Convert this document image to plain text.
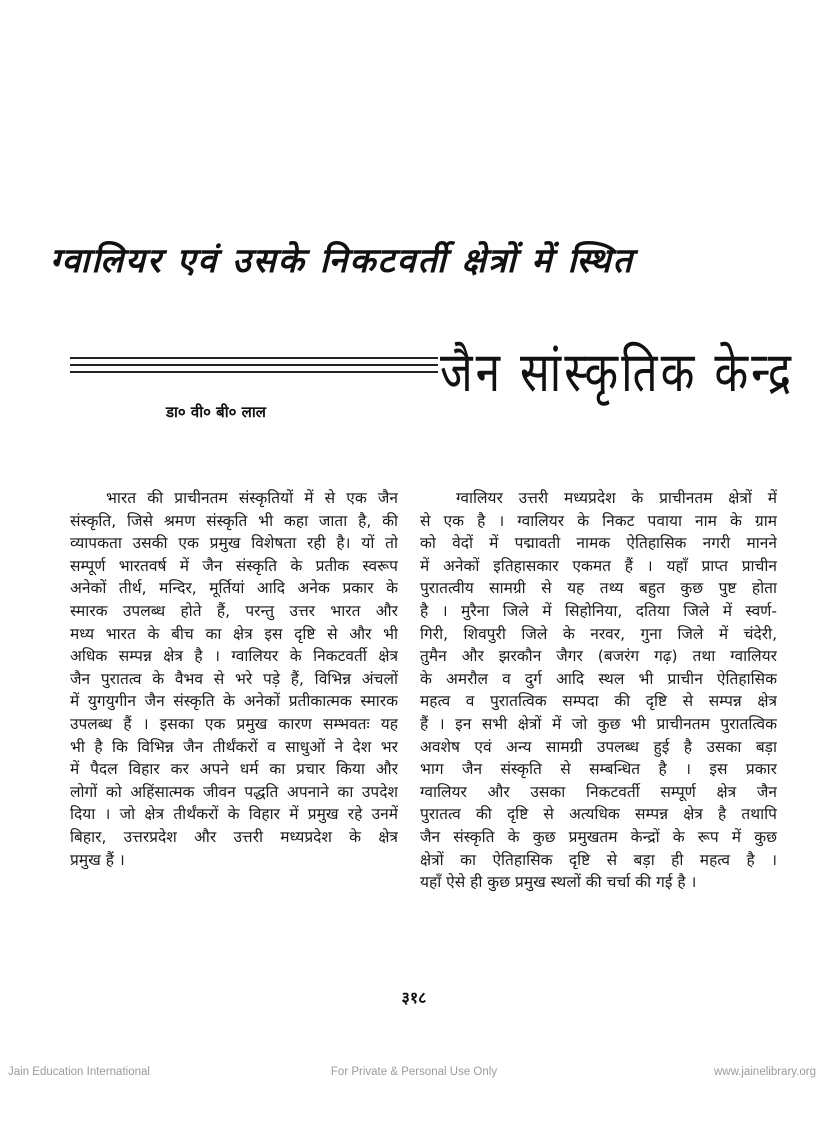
ग्वालियर एवं उसके निकटवर्ती क्षेत्रों में स्थित
जैन सांस्कृतिक केन्द्र
डा० वी० बी० लाल
भारत की प्राचीनतम संस्कृतियों में से एक जैन
संस्कृति, जिसे श्रमण संस्कृति भी कहा जाता है, की
व्यापकता उसकी एक प्रमुख विशेषता रही है। यों तो
सम्पूर्ण भारतवर्ष में जैन संस्कृति के प्रतीक स्वरूप
अनेकों तीर्थ, मन्दिर, मूर्तियां आदि अनेक प्रकार के
स्मारक उपलब्ध होते हैं, परन्तु उत्तर भारत और
मध्य भारत के बीच का क्षेत्र इस दृष्टि से और भी
अधिक सम्पन्न क्षेत्र है । ग्वालियर के निकटवर्ती क्षेत्र
जैन पुरातत्व के वैभव से भरे पड़े हैं, विभिन्न अंचलों
में युगयुगीन जैन संस्कृति के अनेकों प्रतीकात्मक स्मारक
उपलब्ध हैं । इसका एक प्रमुख कारण सम्भवतः यह
भी है कि विभिन्न जैन तीर्थंकरों व साधुओं ने देश भर
में पैदल विहार कर अपने धर्म का प्रचार किया और
लोगों को अहिंसात्मक जीवन पद्धति अपनाने का उपदेश
दिया । जो क्षेत्र तीर्थंकरों के विहार में प्रमुख रहे उनमें
बिहार, उत्तरप्रदेश और उत्तरी मध्यप्रदेश के क्षेत्र
प्रमुख हैं ।
ग्वालियर उत्तरी मध्यप्रदेश के प्राचीनतम क्षेत्रों में
से एक है । ग्वालियर के निकट पवाया नाम के ग्राम
को वेदों में पद्मावती नामक ऐतिहासिक नगरी मानने
में अनेकों इतिहासकार एकमत हैं । यहाँ प्राप्त प्राचीन
पुरातत्वीय सामग्री से यह तथ्य बहुत कुछ पुष्ट होता
है । मुरैना जिले में सिहोनिया, दतिया जिले में स्वर्ण-
गिरी, शिवपुरी जिले के नरवर, गुना जिले में चंदेरी,
तुमैन और झरकौन जैगर (बजरंग गढ़) तथा ग्वालियर
के अमरौल व दुर्ग आदि स्थल भी प्राचीन ऐतिहासिक
महत्व व पुरातत्विक सम्पदा की दृष्टि से सम्पन्न क्षेत्र
हैं । इन सभी क्षेत्रों में जो कुछ भी प्राचीनतम पुरातत्विक
अवशेष एवं अन्य सामग्री उपलब्ध हुई है उसका बड़ा
भाग जैन संस्कृति से सम्बन्धित है । इस प्रकार
ग्वालियर और उसका निकटवर्ती सम्पूर्ण क्षेत्र जैन
पुरातत्व की दृष्टि से अत्यधिक सम्पन्न क्षेत्र है तथापि
जैन संस्कृति के कुछ प्रमुखतम केन्द्रों के रूप में कुछ
क्षेत्रों का ऐतिहासिक दृष्टि से बड़ा ही महत्व है ।
यहाँ ऐसे ही कुछ प्रमुख स्थलों की चर्चा की गई है ।
३१८
Jain Education International	For Private & Personal Use Only	www.jainelibrary.org
